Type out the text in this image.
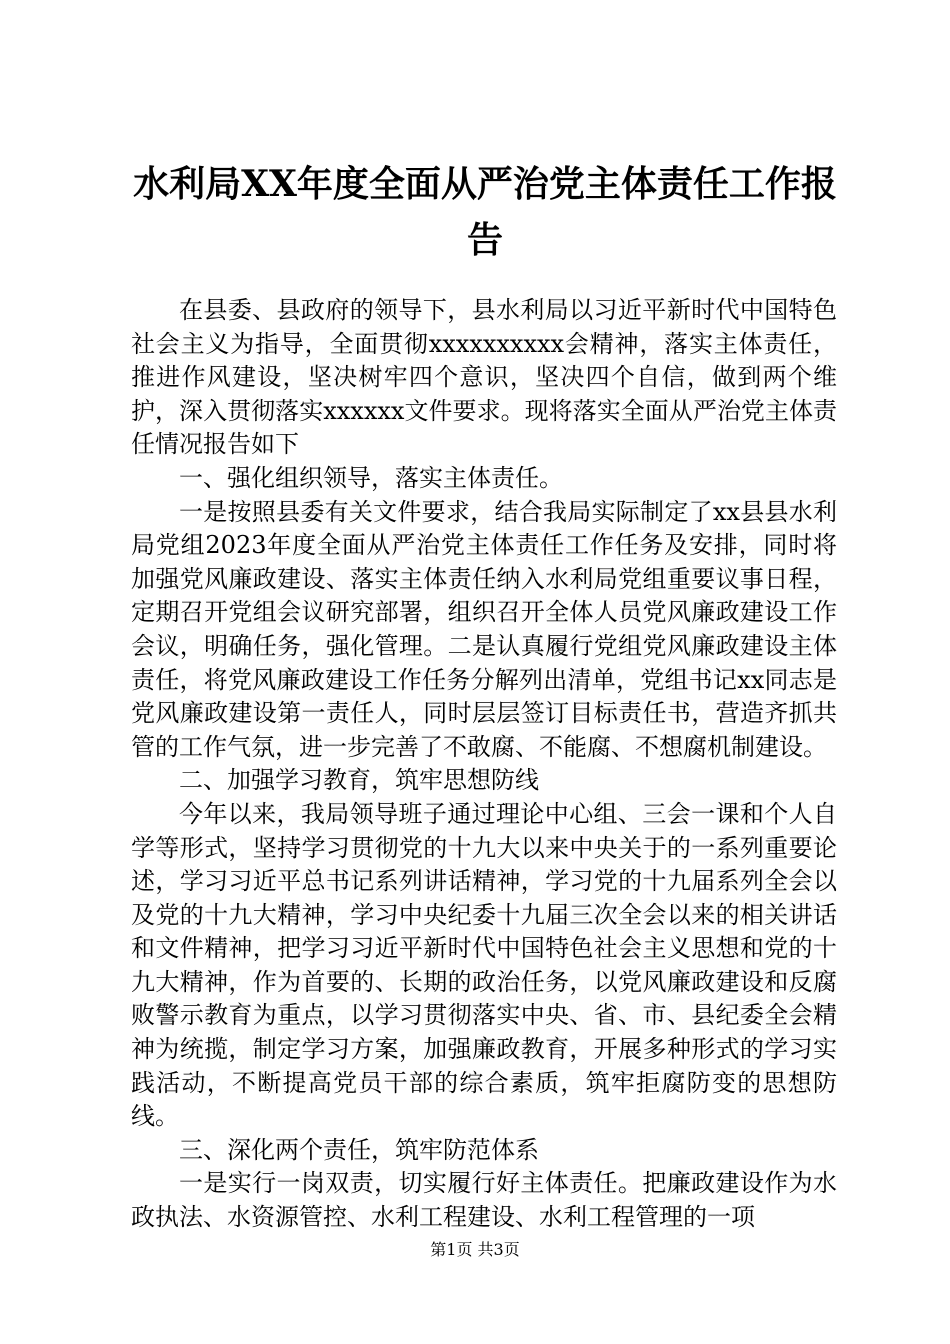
水利局XX年度全面从严治党主体责任工作报告

在县委、县政府的领导下，县水利局以习近平新时代中国特色社会主义为指导，全面贯彻xxxxxxxxxx会精神，落实主体责任，推进作风建设，坚决树牢四个意识，坚决四个自信，做到两个维护，深入贯彻落实xxxxxx文件要求。现将落实全面从严治党主体责任情况报告如下

一、强化组织领导，落实主体责任。

一是按照县委有关文件要求，结合我局实际制定了xx县县水利局党组2023年度全面从严治党主体责任工作任务及安排，同时将加强党风廉政建设、落实主体责任纳入水利局党组重要议事日程，定期召开党组会议研究部署，组织召开全体人员党风廉政建设工作会议，明确任务，强化管理。二是认真履行党组党风廉政建设主体责任，将党风廉政建设工作任务分解列出清单，党组书记xx同志是党风廉政建设第一责任人，同时层层签订目标责任书，营造齐抓共管的工作气氛，进一步完善了不敢腐、不能腐、不想腐机制建设。

二、加强学习教育，筑牢思想防线

今年以来，我局领导班子通过理论中心组、三会一课和个人自学等形式，坚持学习贯彻党的十九大以来中央关于的一系列重要论述，学习习近平总书记系列讲话精神，学习党的十九届系列全会以及党的十九大精神，学习中央纪委十九届三次全会以来的相关讲话和文件精神，把学习习近平新时代中国特色社会主义思想和党的十九大精神，作为首要的、长期的政治任务，以党风廉政建设和反腐败警示教育为重点，以学习贯彻落实中央、省、市、县纪委全会精神为统揽，制定学习方案，加强廉政教育，开展多种形式的学习实践活动，不断提高党员干部的综合素质，筑牢拒腐防变的思想防线。

三、深化两个责任，筑牢防范体系

一是实行一岗双责，切实履行好主体责任。把廉政建设作为水政执法、水资源管控、水利工程建设、水利工程管理的一项

第1页 共3页
